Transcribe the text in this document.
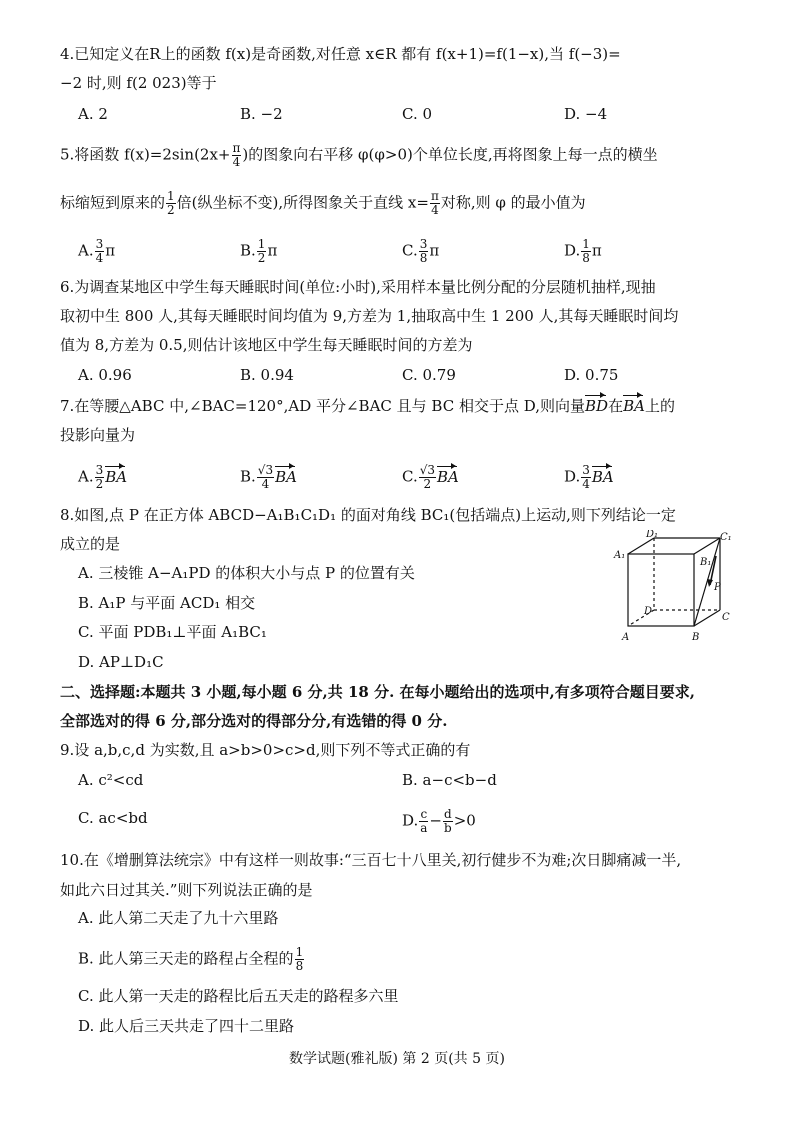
4.已知定义在R上的函数 f(x)是奇函数,对任意 x∈R 都有 f(x+1)=f(1−x),当 f(−3)=
−2 时,则 f(2 023)等于
A. 2	B. −2	C. 0	D. −4
5.将函数 $f(x)=2\sin(2x+ \frac{\pi}{4}$ )的图象向右平移 φ(φ>0)个单位长度,再将图象上每一点的横坐
标缩短到原来的 $\frac{1}{2}$ 倍(纵坐标不变),所得图象关于直线 $x= \frac{\pi}{4}$ 对称,则 φ 的最小值为
A. $\frac{3}{4}$ π	B. $\frac{1}{2}$ π	C. $\frac{3}{8}$ π	D. $\frac{1}{8}$ π
6.为调查某地区中学生每天睡眠时间(单位:小时),采用样本量比例分配的分层随机抽样,现抽
取初中生 800 人,其每天睡眠时间均值为 9,方差为 1,抽取高中生 1 200 人,其每天睡眠时间均
值为 8,方差为 0.5,则估计该地区中学生每天睡眠时间的方差为
A. 0.96	B. 0.94	C. 0.79	D. 0.75
7.在等腰△ABC 中,∠BAC=120°,AD 平分∠BAC 且与 BC 相交于点 D,则向量BD在BA上的
投影向量为
A. $\frac{3}{2}$ BA	B. $\frac{√3}{4}$ BA	C. $\frac{√3}{2}$ BA	D. $\frac{3}{4}$ BA
8.如图,点 P 在正方体 ABCD−A₁B₁C₁D₁ 的面对角线 BC₁(包括端点)上运动,则下列结论一定
成立的是
A. 三棱锥 A−A₁PD 的体积大小与点 P 的位置有关
B. A₁P 与平面 ACD₁ 相交
C. 平面 PDB₁⊥平面 A₁BC₁
D. AP⊥D₁C
A₁
D₁	C₁
B₁
P
D
C
A	B
二、选择题:本题共 3 小题,每小题 6 分,共 18 分. 在每小题给出的选项中,有多项符合题目要求,
全部选对的得 6 分,部分选对的得部分分,有选错的得 0 分.
9.设 a,b,c,d 为实数,且 a>b>0>c>d,则下列不等式正确的有
A. c²<cd	B. a−c<b−d
C. ac<bd	D. $\frac{c}{a} - \frac{d}{b} >0$
10.在《增删算法统宗》中有这样一则故事:“三百七十八里关,初行健步不为难;次日脚痛减一半,
如此六日过其关.”则下列说法正确的是
A. 此人第二天走了九十六里路
B. 此人第三天走的路程占全程的 $\frac{1}{8}$
C. 此人第一天走的路程比后五天走的路程多六里
D. 此人后三天共走了四十二里路
数学试题(雅礼版) 第 2 页(共 5 页)
